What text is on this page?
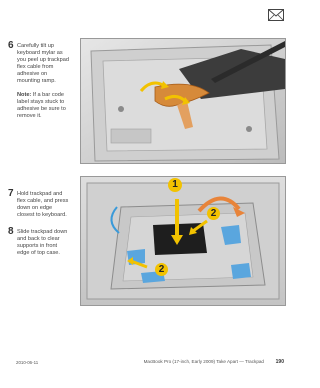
6 Carefully tilt up keyboard mylar as you peel up trackpad flex cable from adhesive on mounting ramp.
Note: If a bar code label stays stuck to adhesive be sure to remove it.
7 Hold trackpad and flex cable, and press down on edge closest to keyboard.
8 Slide trackpad down and back to clear supports in front edge of top case.
1
2
2
2010-06-11	MacBook Pro (17-inch, Early 2009) Take Apart — Trackpad 190
